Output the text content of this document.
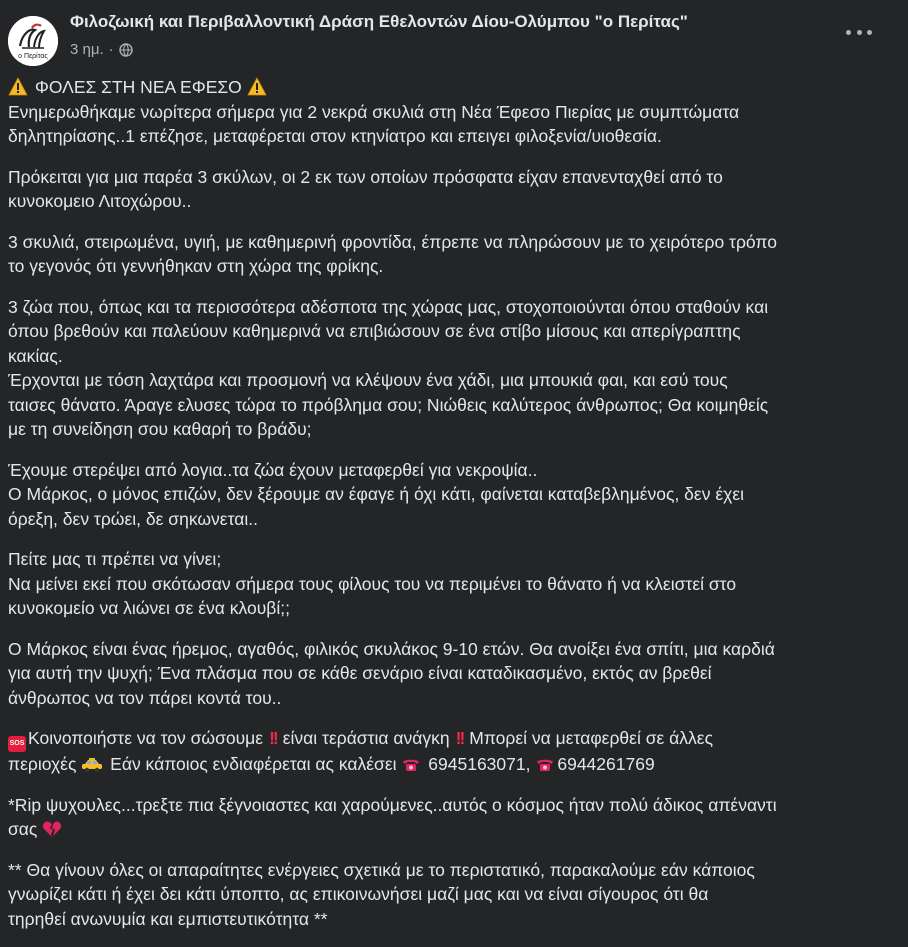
ο Περίτας
Φιλοζωική και Περιβαλλοντική Δράση Εθελοντών Δίου-Ολύμπου "ο Περίτας"
3 ημ. ·

ΦΟΛΕΣ ΣΤΗ ΝΕΑ ΕΦΕΣΟ
Ενημερωθήκαμε νωρίτερα σήμερα για 2 νεκρά σκυλιά στη Νέα Έφεσο Πιερίας με συμπτώματα
δηλητηρίασης..1 επέζησε, μεταφέρεται στον κτηνίατρο και επειγει φιλοξενία/υιοθεσία.

Πρόκειται για μια παρέα 3 σκύλων, οι 2 εκ των οποίων πρόσφατα είχαν επανενταχθεί από το
κυνοκομειο Λιτοχώρου..

3 σκυλιά, στειρωμένα, υγιή, με καθημερινή φροντίδα, έπρεπε να πληρώσουν με το χειρότερο τρόπο
το γεγονός ότι γεννήθηκαν στη χώρα της φρίκης.

3 ζώα που, όπως και τα περισσότερα αδέσποτα της χώρας μας, στοχοποιούνται όπου σταθούν και
όπου βρεθούν και παλεύουν καθημερινά να επιβιώσουν σε ένα στίβο μίσους και απερίγραπτης
κακίας.
Έρχονται με τόση λαχτάρα και προσμονή να κλέψουν ένα χάδι, μια μπουκιά φαι, και εσύ τους
ταισες θάνατο. Άραγε ελυσες τώρα το πρόβλημα σου; Νιώθεις καλύτερος άνθρωπος; Θα κοιμηθείς
με τη συνείδηση σου καθαρή το βράδυ;

Έχουμε στερέψει από λογια..τα ζώα έχουν μεταφερθεί για νεκροψία..
Ο Μάρκος, ο μόνος επιζών, δεν ξέρουμε αν έφαγε ή όχι κάτι, φαίνεται καταβεβλημένος, δεν έχει
όρεξη, δεν τρώει, δε σηκωνεται..

Πείτε μας τι πρέπει να γίνει;
Να μείνει εκεί που σκότωσαν σήμερα τους φίλους του να περιμένει το θάνατο ή να κλειστεί στο
κυνοκομείο να λιώνει σε ένα κλουβί;;

Ο Μάρκος είναι ένας ήρεμος, αγαθός, φιλικός σκυλάκος 9-10 ετών. Θα ανοίξει ένα σπίτι, μια καρδιά
για αυτή την ψυχή; Ένα πλάσμα που σε κάθε σενάριο είναι καταδικασμένο, εκτός αν βρεθεί
άνθρωπος να τον πάρει κοντά του..

SOS Κοινοποιήστε να τον σώσουμε !! είναι τεράστια ανάγκη !! Μπορεί να μεταφερθεί σε άλλες
περιοχές Εάν κάποιος ενδιαφέρεται ας καλέσει 6945163071, 6944261769

*Rip ψυχουλες...τρεξτε πια ξέγνοιαστες και χαρούμενες..αυτός ο κόσμος ήταν πολύ άδικος απέναντι
σας

** Θα γίνουν όλες οι απαραίτητες ενέργειες σχετικά με το περιστατικό, παρακαλούμε εάν κάποιος
γνωρίζει κάτι ή έχει δει κάτι ύποπτο, ας επικοινωνήσει μαζί μας και να είναι σίγουρος ότι θα
τηρηθεί ανωνυμία και εμπιστευτικότητα **
